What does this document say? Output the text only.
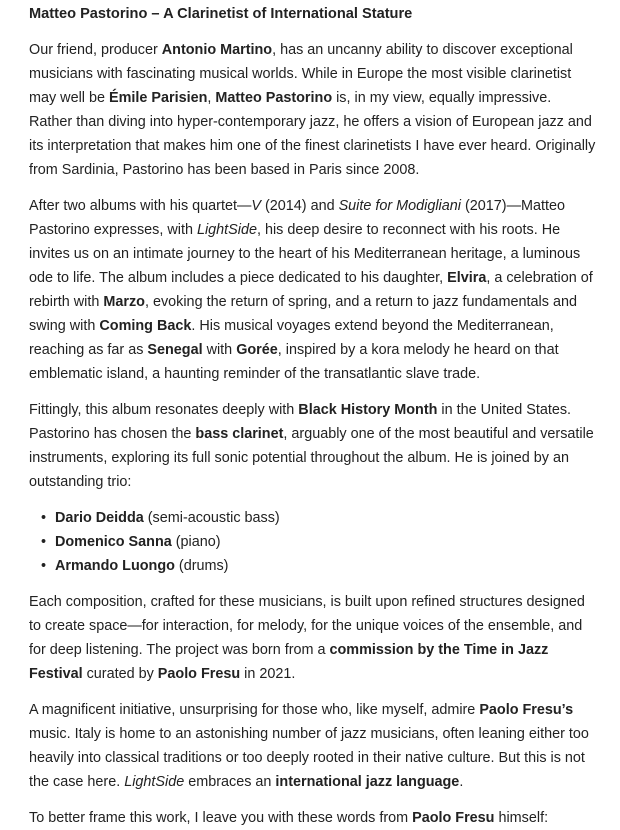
Matteo Pastorino – A Clarinetist of International Stature

Our friend, producer Antonio Martino, has an uncanny ability to discover exceptional musicians with fascinating musical worlds. While in Europe the most visible clarinetist may well be Émile Parisien, Matteo Pastorino is, in my view, equally impressive. Rather than diving into hyper-contemporary jazz, he offers a vision of European jazz and its interpretation that makes him one of the finest clarinetists I have ever heard. Originally from Sardinia, Pastorino has been based in Paris since 2008.

After two albums with his quartet—V (2014) and Suite for Modigliani (2017)—Matteo Pastorino expresses, with LightSide, his deep desire to reconnect with his roots. He invites us on an intimate journey to the heart of his Mediterranean heritage, a luminous ode to life. The album includes a piece dedicated to his daughter, Elvira, a celebration of rebirth with Marzo, evoking the return of spring, and a return to jazz fundamentals and swing with Coming Back. His musical voyages extend beyond the Mediterranean, reaching as far as Senegal with Gorée, inspired by a kora melody he heard on that emblematic island, a haunting reminder of the transatlantic slave trade.

Fittingly, this album resonates deeply with Black History Month in the United States. Pastorino has chosen the bass clarinet, arguably one of the most beautiful and versatile instruments, exploring its full sonic potential throughout the album. He is joined by an outstanding trio:

• Dario Deidda (semi-acoustic bass)
• Domenico Sanna (piano)
• Armando Luongo (drums)

Each composition, crafted for these musicians, is built upon refined structures designed to create space—for interaction, for melody, for the unique voices of the ensemble, and for deep listening. The project was born from a commission by the Time in Jazz Festival curated by Paolo Fresu in 2021.

A magnificent initiative, unsurprising for those who, like myself, admire Paolo Fresu’s music. Italy is home to an astonishing number of jazz musicians, often leaning either too heavily into classical traditions or too deeply rooted in their native culture. But this is not the case here. LightSide embraces an international jazz language.

To better frame this work, I leave you with these words from Paolo Fresu himself:
